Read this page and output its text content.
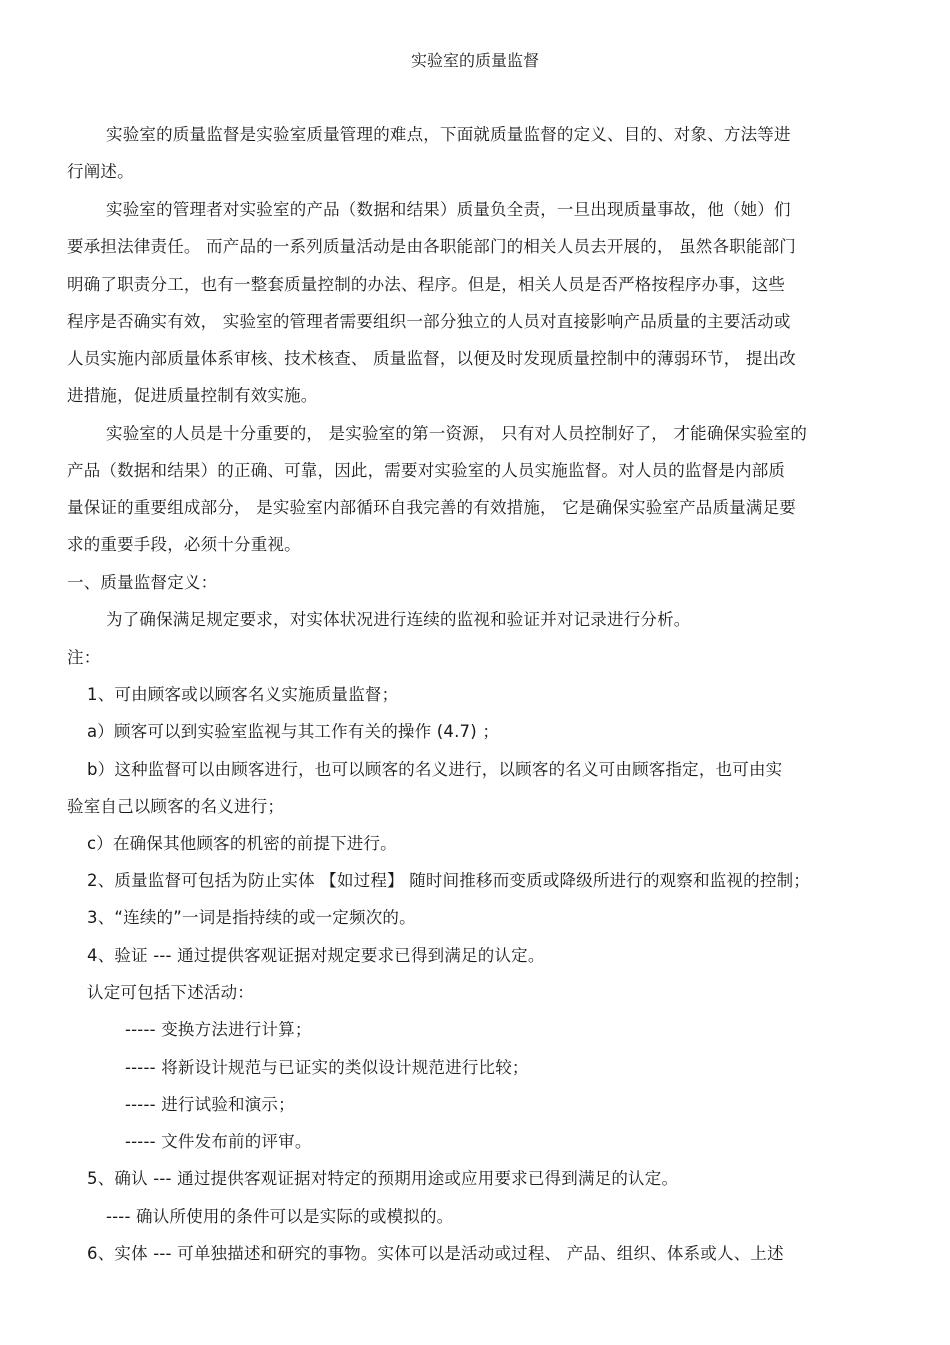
实验室的质量监督
实验室的质量监督是实验室质量管理的难点，下面就质量监督的定义、目的、对象、方法等进
行阐述。
实验室的管理者对实验室的产品（数据和结果）质量负全责，一旦出现质量事故，他（她）们
要承担法律责任。 而产品的一系列质量活动是由各职能部门的相关人员去开展的， 虽然各职能部门
明确了职责分工，也有一整套质量控制的办法、程序。但是，相关人员是否严格按程序办事，这些
程序是否确实有效， 实验室的管理者需要组织一部分独立的人员对直接影响产品质量的主要活动或
人员实施内部质量体系审核、技术核查、 质量监督，以便及时发现质量控制中的薄弱环节， 提出改
进措施，促进质量控制有效实施。
实验室的人员是十分重要的， 是实验室的第一资源， 只有对人员控制好了， 才能确保实验室的
产品（数据和结果）的正确、可靠，因此，需要对实验室的人员实施监督。对人员的监督是内部质
量保证的重要组成部分， 是实验室内部循环自我完善的有效措施， 它是确保实验室产品质量满足要
求的重要手段，必须十分重视。
一、质量监督定义：
为了确保满足规定要求，对实体状况进行连续的监视和验证并对记录进行分析。
注：
1、可由顾客或以顾客名义实施质量监督；
a）顾客可以到实验室监视与其工作有关的操作 (4.7) ；
b）这种监督可以由顾客进行，也可以顾客的名义进行，以顾客的名义可由顾客指定，也可由实
验室自己以顾客的名义进行；
c）在确保其他顾客的机密的前提下进行。
2、质量监督可包括为防止实体 【如过程】 随时间推移而变质或降级所进行的观察和监视的控制；
3、“连续的”一词是指持续的或一定频次的。
4、验证 --- 通过提供客观证据对规定要求已得到满足的认定。
认定可包括下述活动：
----- 变换方法进行计算；
----- 将新设计规范与已证实的类似设计规范进行比较；
----- 进行试验和演示；
----- 文件发布前的评审。
5、确认 --- 通过提供客观证据对特定的预期用途或应用要求已得到满足的认定。
---- 确认所使用的条件可以是实际的或模拟的。
6、实体 --- 可单独描述和研究的事物。实体可以是活动或过程、 产品、组织、体系或人、上述
